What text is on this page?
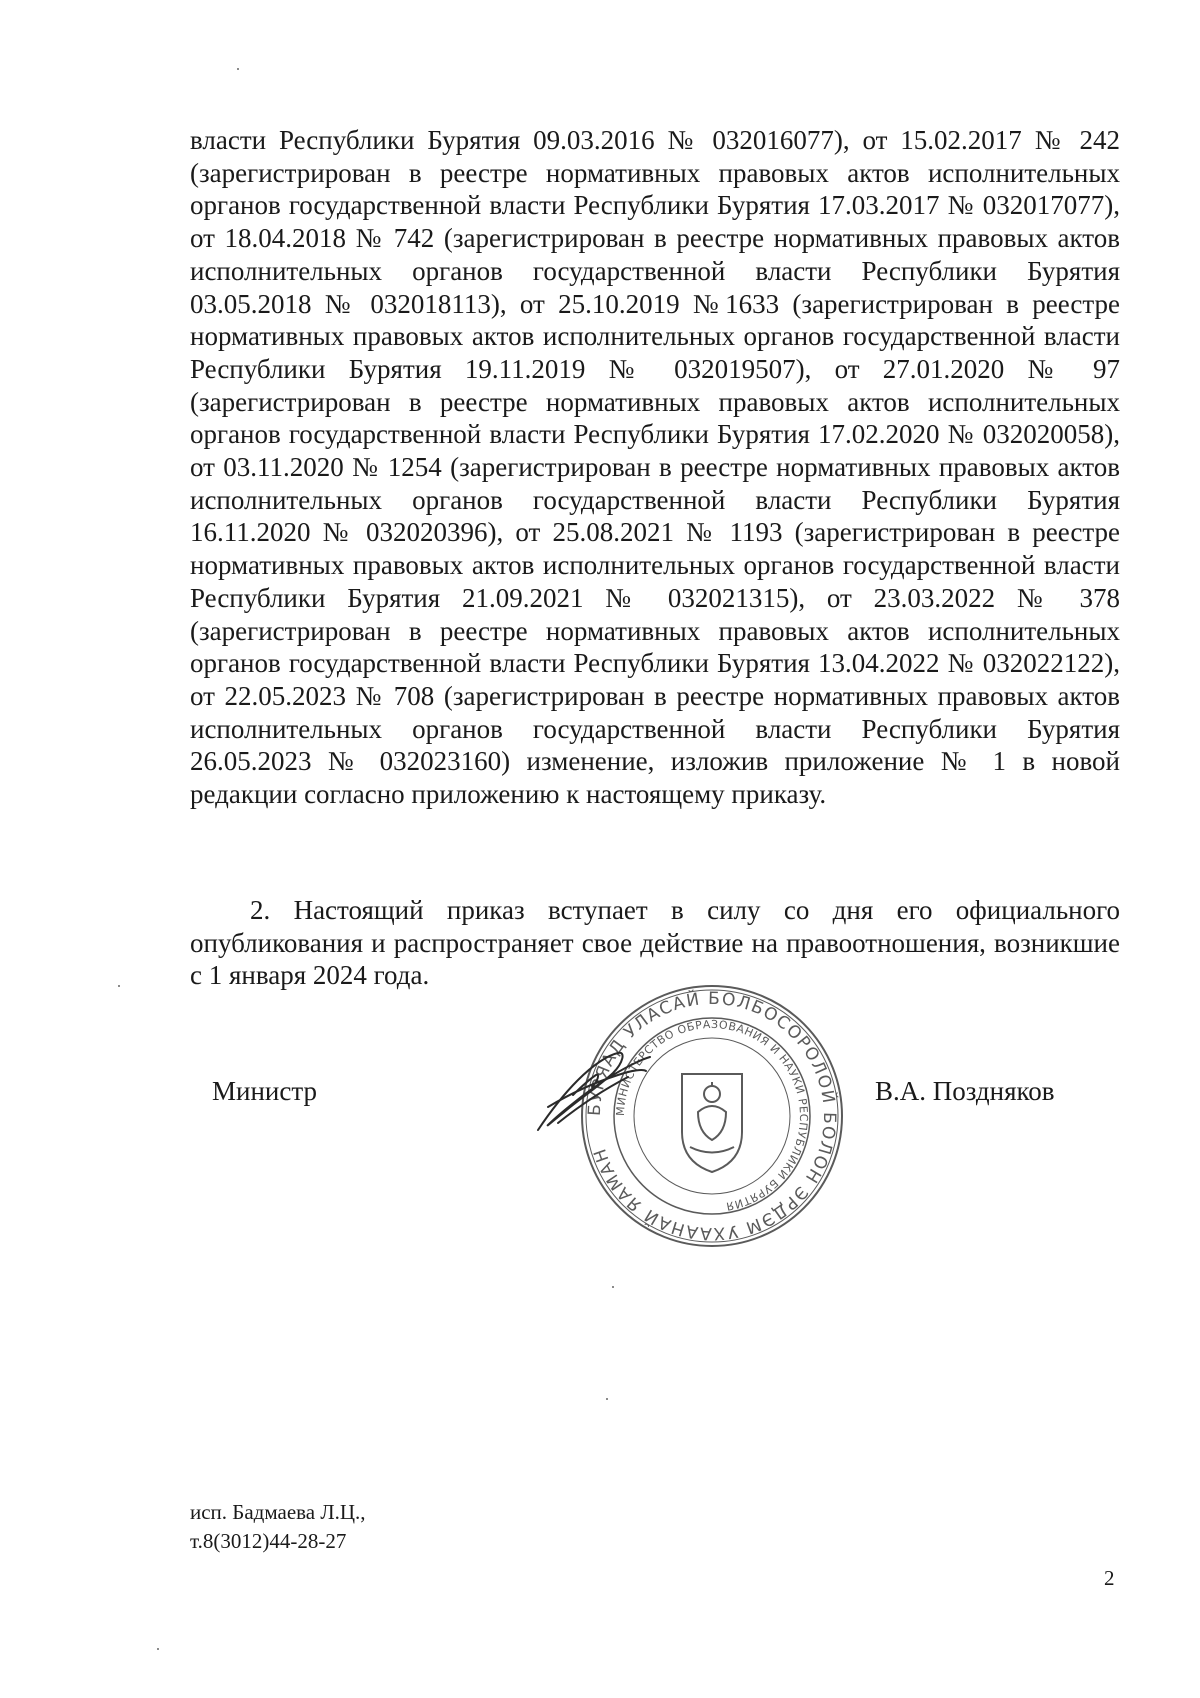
власти Республики Бурятия 09.03.2016 № 032016077), от 15.02.2017 № 242 (зарегистрирован в реестре нормативных правовых актов исполнительных органов государственной власти Республики Бурятия 17.03.2017 № 032017077), от 18.04.2018 № 742 (зарегистрирован в реестре нормативных правовых актов исполнительных органов государственной власти Республики Бурятия 03.05.2018 № 032018113), от 25.10.2019 №1633 (зарегистрирован в реестре нормативных правовых актов исполнительных органов государственной власти Республики Бурятия 19.11.2019 № 032019507), от 27.01.2020 № 97 (зарегистрирован в реестре нормативных правовых актов исполнительных органов государственной власти Республики Бурятия 17.02.2020 № 032020058), от 03.11.2020 № 1254 (зарегистрирован в реестре нормативных правовых актов исполнительных органов государственной власти Республики Бурятия 16.11.2020 № 032020396), от 25.08.2021 № 1193 (зарегистрирован в реестре нормативных правовых актов исполнительных органов государственной власти Республики Бурятия 21.09.2021 № 032021315), от 23.03.2022 № 378 (зарегистрирован в реестре нормативных правовых актов исполнительных органов государственной власти Республики Бурятия 13.04.2022 № 032022122), от 22.05.2023 № 708 (зарегистрирован в реестре нормативных правовых актов исполнительных органов государственной власти Республики Бурятия 26.05.2023 № 032023160) изменение, изложив приложение № 1 в новой редакции согласно приложению к настоящему приказу.

2. Настоящий приказ вступает в силу со дня его официального опубликования и распространяет свое действие на правоотношения, возникшие с 1 января 2024 года.

Министр

БУРЯАД УЛАСАЙ БОЛБОСОРОЛОЙ БОЛОН ЭРДЭМ УХААНАЙ ЯАМАН
МИНИСТЕРСТВО ОБРАЗОВАНИЯ И НАУКИ РЕСПУБЛИКИ БУРЯТИЯ

В.А. Поздняков

исп. Бадмаева Л.Ц.,
т.8(3012)44-28-27

2
